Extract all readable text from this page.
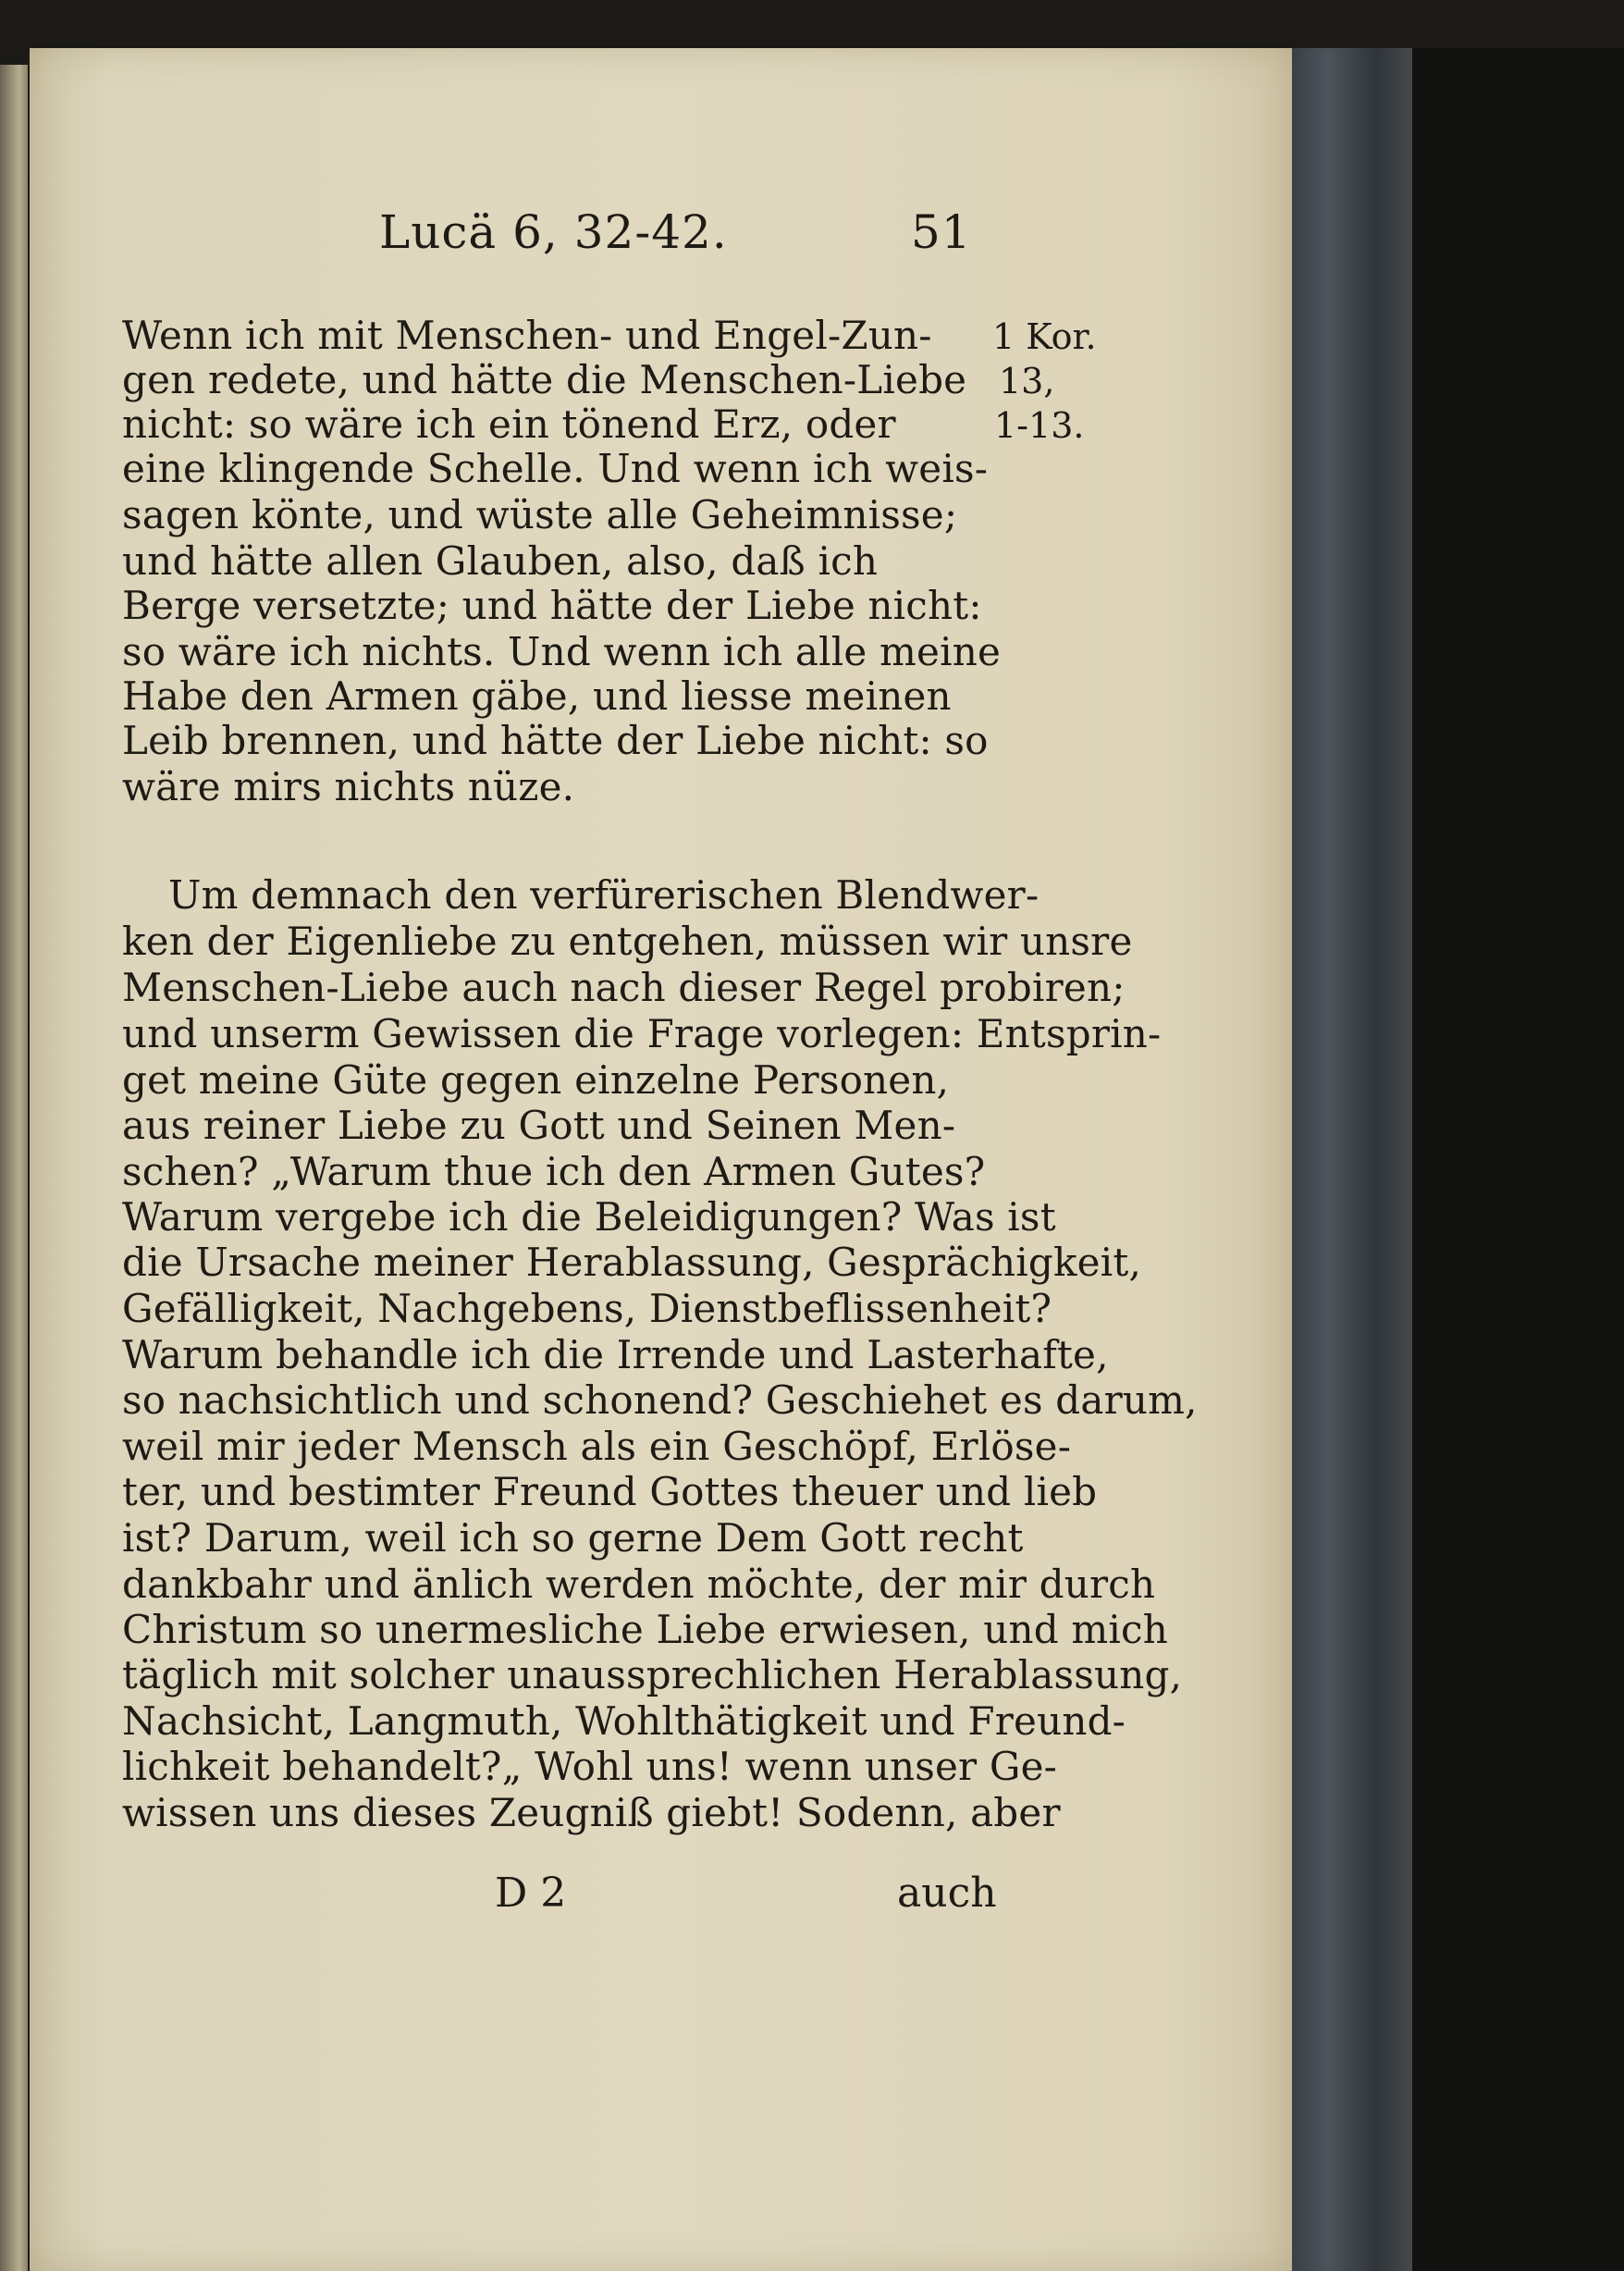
Lucä 6, 32-42.	51
Wenn ich mit Menschen- und Engel-Zun-
gen redete, und hätte die Menschen-Liebe
nicht: so wäre ich ein tönend Erz, oder
eine klingende Schelle. Und wenn ich weis-
sagen könte, und wüste alle Geheimnisse;
und hätte allen Glauben, also, daß ich
Berge versetzte; und hätte der Liebe nicht:
so wäre ich nichts. Und wenn ich alle meine
Habe den Armen gäbe, und liesse meinen
Leib brennen, und hätte der Liebe nicht: so
wäre mirs nichts nüze.
1 Kor.
13,
1-13.
Um demnach den verfürerischen Blendwer-
ken der Eigenliebe zu entgehen, müssen wir unsre
Menschen-Liebe auch nach dieser Regel probiren;
und unserm Gewissen die Frage vorlegen: Entsprin-
get meine Güte gegen einzelne Personen,
aus reiner Liebe zu Gott und Seinen Men-
schen? „Warum thue ich den Armen Gutes?
Warum vergebe ich die Beleidigungen? Was ist
die Ursache meiner Herablassung, Gesprächigkeit,
Gefälligkeit, Nachgebens, Dienstbeflissenheit?
Warum behandle ich die Irrende und Lasterhafte,
so nachsichtlich und schonend? Geschiehet es darum,
weil mir jeder Mensch als ein Geschöpf, Erlöse-
ter, und bestimter Freund Gottes theuer und lieb
ist? Darum, weil ich so gerne Dem Gott recht
dankbahr und änlich werden möchte, der mir durch
Christum so unermesliche Liebe erwiesen, und mich
täglich mit solcher unaussprechlichen Herablassung,
Nachsicht, Langmuth, Wohlthätigkeit und Freund-
lichkeit behandelt?„ Wohl uns! wenn unser Ge-
wissen uns dieses Zeugniß giebt! Sodenn, aber
D 2	auch
